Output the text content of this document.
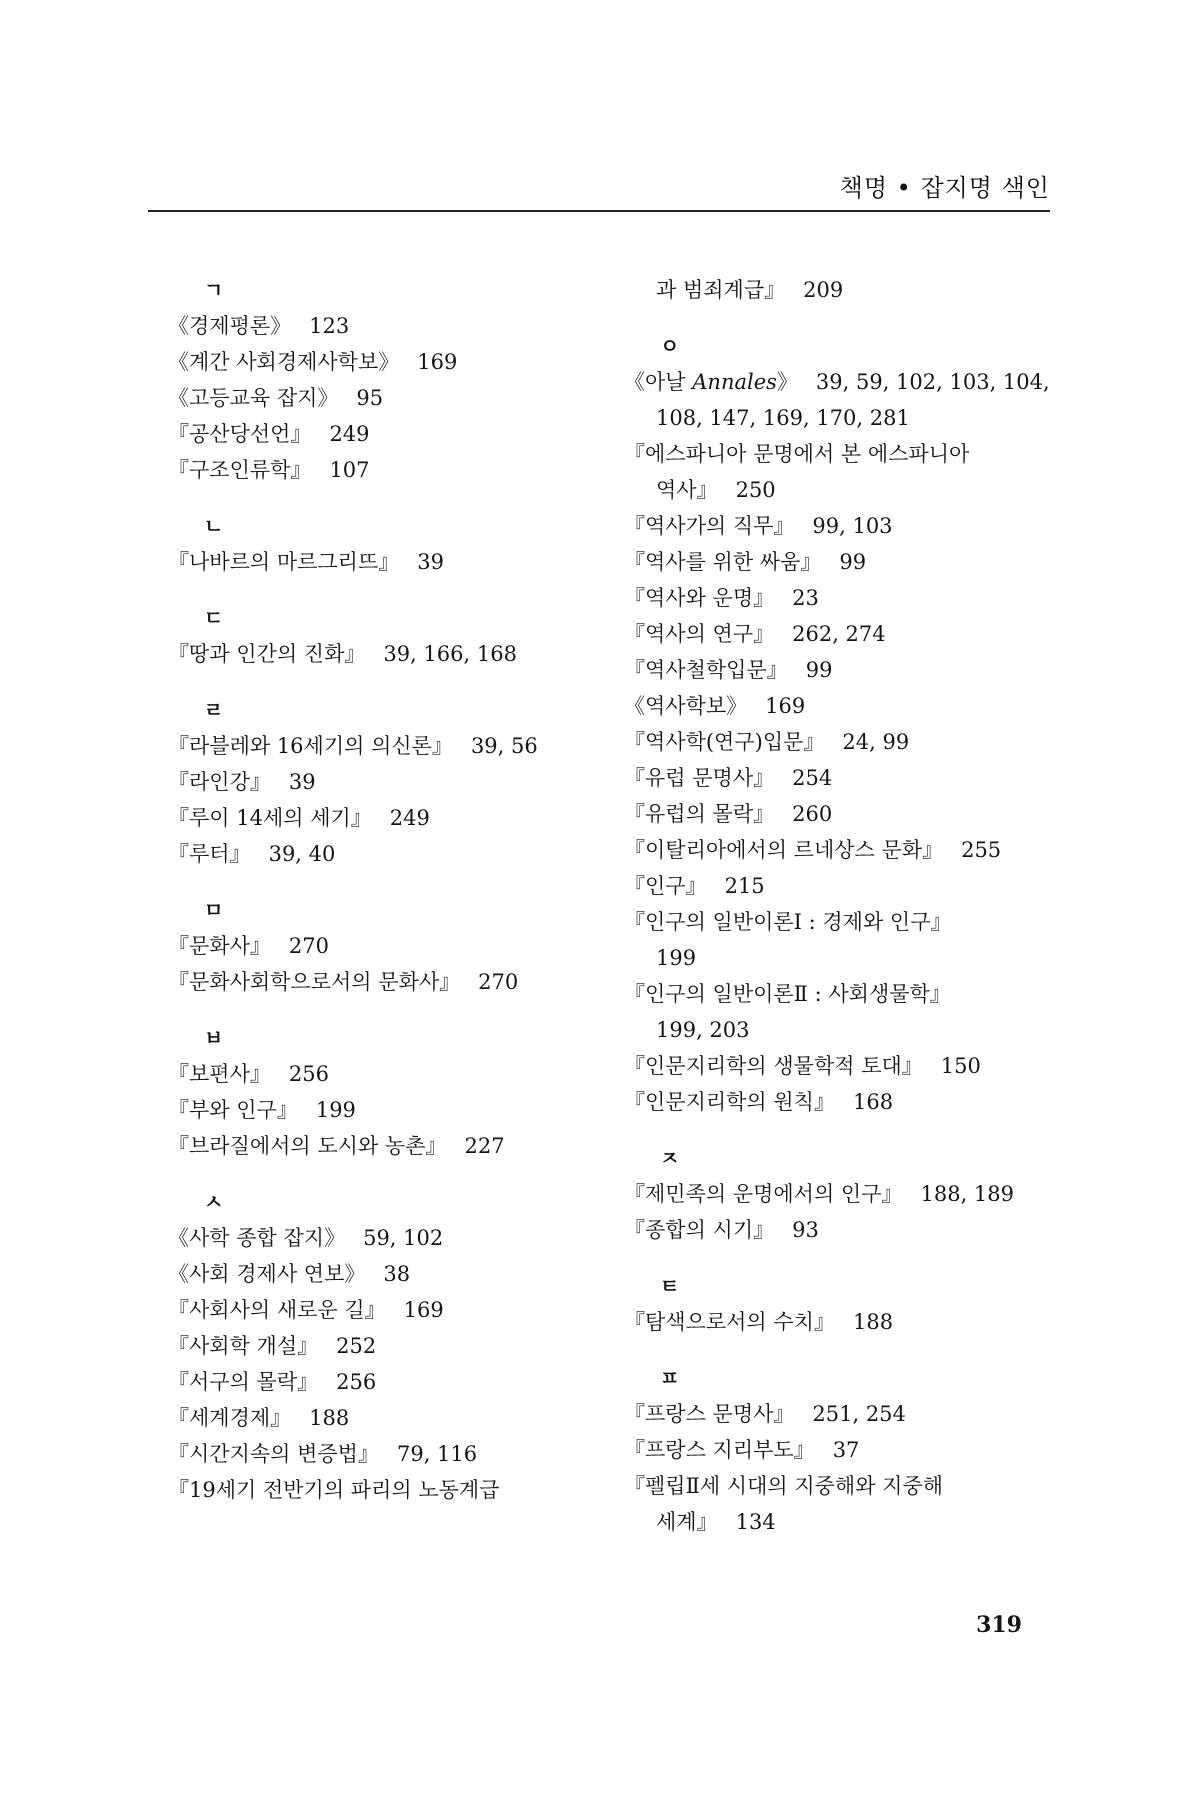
책명 • 잡지명 색인
ㄱ
《경제평론》 123
《계간 사회경제사학보》 169
《고등교육 잡지》 95
『공산당선언』 249
『구조인류학』 107
ㄴ
『나바르의 마르그리뜨』 39
ㄷ
『땅과 인간의 진화』 39, 166, 168
ㄹ
『라블레와 16세기의 의신론』 39, 56
『라인강』 39
『루이 14세의 세기』 249
『루터』 39, 40
ㅁ
『문화사』 270
『문화사회학으로서의 문화사』 270
ㅂ
『보편사』 256
『부와 인구』 199
『브라질에서의 도시와 농촌』 227
ㅅ
《사학 종합 잡지》 59, 102
《사회 경제사 연보》 38
『사회사의 새로운 길』 169
『사회학 개설』 252
『서구의 몰락』 256
『세계경제』 188
『시간지속의 변증법』 79, 116
『19세기 전반기의 파리의 노동계급
과 범죄계급』 209
ㅇ
《아날 Annales》 39, 59, 102, 103, 104,
108, 147, 169, 170, 281
『에스파니아 문명에서 본 에스파니아
역사』 250
『역사가의 직무』 99, 103
『역사를 위한 싸움』 99
『역사와 운명』 23
『역사의 연구』 262, 274
『역사철학입문』 99
《역사학보》 169
『역사학(연구)입문』 24, 99
『유럽 문명사』 254
『유럽의 몰락』 260
『이탈리아에서의 르네상스 문화』 255
『인구』 215
『인구의 일반이론Ⅰ : 경제와 인구』
199
『인구의 일반이론Ⅱ : 사회생물학』
199, 203
『인문지리학의 생물학적 토대』 150
『인문지리학의 원칙』 168
ㅈ
『제민족의 운명에서의 인구』 188, 189
『종합의 시기』 93
ㅌ
『탐색으로서의 수치』 188
ㅍ
『프랑스 문명사』 251, 254
『프랑스 지리부도』 37
『펠립Ⅱ세 시대의 지중해와 지중해
세계』 134
319
